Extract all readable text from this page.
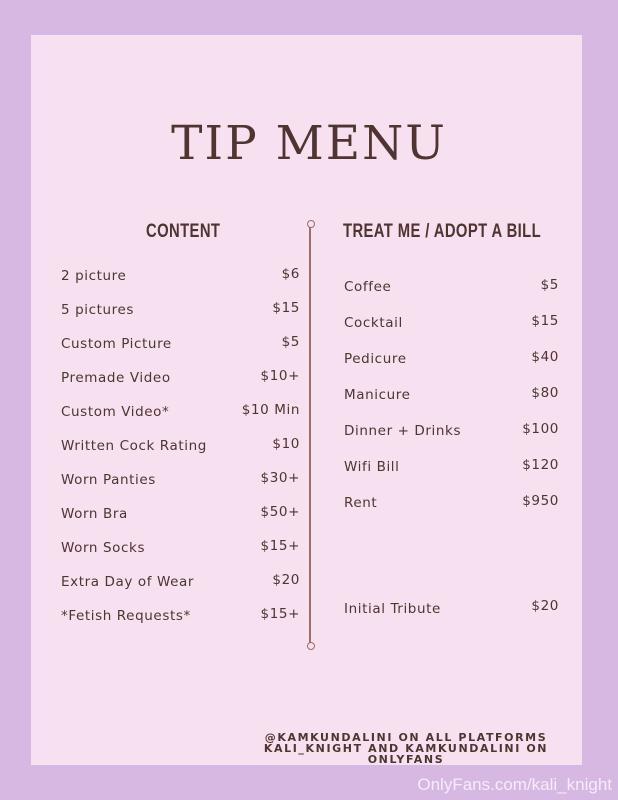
TIP MENU
CONTENT	TREAT ME / ADOPT A BILL
2 picture	$6
5 pictures	$15
Custom Picture	$5
Premade Video	$10+
Custom Video*	$10 Min
Written Cock Rating	$10
Worn Panties	$30+
Worn Bra	$50+
Worn Socks	$15+
Extra Day of Wear	$20
*Fetish Requests*	$15+
Coffee	$5
Cocktail	$15
Pedicure	$40
Manicure	$80
Dinner + Drinks	$100
Wifi Bill	$120
Rent	$950
Initial Tribute	$20
@KAMKUNDALINI ON ALL PLATFORMS
KALI_KNIGHT AND KAMKUNDALINI ON
ONLYFANS
OnlyFans.com/kali_knight
